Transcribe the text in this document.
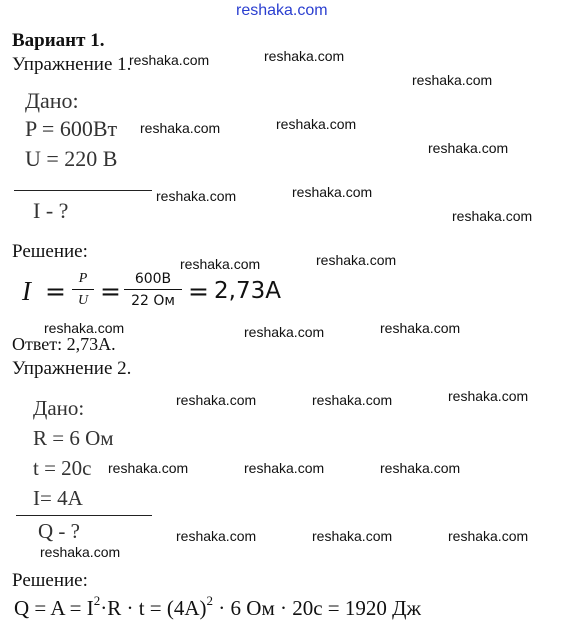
reshaka.com
Вариант 1.
Упражнение 1.
Дано:
P = 600Вт
U = 220 В
I - ?
Решение:
I = P
U = 600В
22 Ом = 2,73А
Ответ: 2,73А.
Упражнение 2.
Дано:
R = 6 Ом
t = 20с
I= 4А
Q - ?
Решение:
$Q = A = I^2\cdot R \cdot t = (4A)^2 \cdot 6$ Ом · 20с = 1920 Дж
reshaka.com	reshaka.com
reshaka.com
reshaka.com	reshaka.com
reshaka.com
reshaka.com	reshaka.com
reshaka.com
reshaka.com	reshaka.com
reshaka.com	reshaka.com	reshaka.com
reshaka.com	reshaka.com	reshaka.com
reshaka.com	reshaka.com	reshaka.com
reshaka.com	reshaka.com	reshaka.com
reshaka.com
